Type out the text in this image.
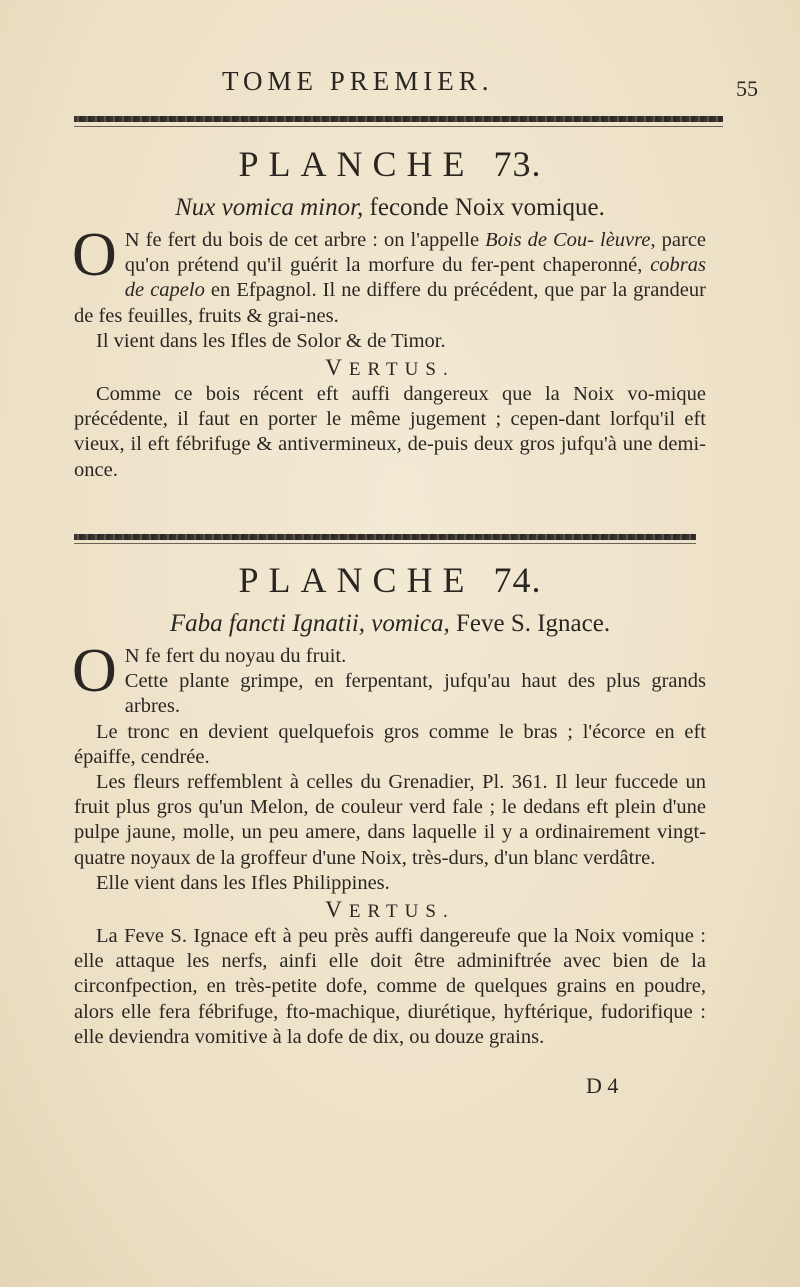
TOME PREMIER.	55
PLANCHE 73.
Nux vomica minor, feconde Noix vomique.

O N fe fert du bois de cet arbre : on l'appelle Bois de Cou- lèuvre, parce qu'on prétend qu'il guérit la morfure du fer-pent chaperonné, cobras de capelo en Efpagnol. Il ne differe du précédent, que par la grandeur de fes feuilles, fruits & grai-nes.

Il vient dans les Ifles de Solor & de Timor.

VERTUS.

Comme ce bois récent eft auffi dangereux que la Noix vo-mique précédente, il faut en porter le même jugement ; cepen-dant lorfqu'il eft vieux, il eft fébrifuge & antivermineux, de-puis deux gros jufqu'à une demi-once.

PLANCHE 74.
Faba fancti Ignatii, vomica, Feve S. Ignace.

O N fe fert du noyau du fruit.
Cette plante grimpe, en ferpentant, jufqu'au haut des plus grands arbres.

Le tronc en devient quelquefois gros comme le bras ; l'écorce en eft épaiffe, cendrée.

Les fleurs reffemblent à celles du Grenadier, Pl. 361. Il leur fuccede un fruit plus gros qu'un Melon, de couleur verd fale ; le dedans eft plein d'une pulpe jaune, molle, un peu amere, dans laquelle il y a ordinairement vingt-quatre noyaux de la groffeur d'une Noix, très-durs, d'un blanc verdâtre.

Elle vient dans les Ifles Philippines.

VERTUS.

La Feve S. Ignace eft à peu près auffi dangereufe que la Noix vomique : elle attaque les nerfs, ainfi elle doit être adminiftrée avec bien de la circonfpection, en très-petite dofe, comme de quelques grains en poudre, alors elle fera fébrifuge, fto-machique, diurétique, hyftérique, fudorifique : elle deviendra vomitive à la dofe de dix, ou douze grains.

D 4
